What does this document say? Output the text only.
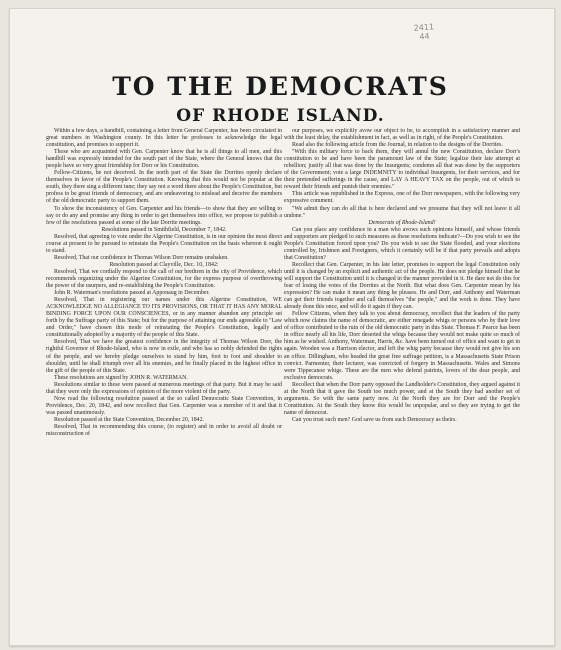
2411
44
TO THE DEMOCRATS
OF RHODE ISLAND.

Within a few days, a handbill, containing a letter from General Carpenter, has been circulated in great numbers in Washington county. In this letter he professes to acknowledge the legal constitution, and promises to support it.

Those who are acquainted with Gen. Carpenter know that he is all things to all men, and this handbill was expressly intended for the south part of the State, where the General knows that the people have so very great friendship for Dorr or his Constitution.

Fellow-Citizens, be not deceived. In the north part of the State the Dorrites openly declare themselves in favor of the People's Constitution. Knowing that this would not be popular at the south, they there sing a different tune; they say not a word there about the People's Constitution, but profess to be great friends of democracy, and are endeavoring to mislead and deceive the members of the old democratic party to support them.

To show the inconsistency of Gen. Carpenter and his friends—to show that they are willing to say or do any and promise any thing in order to get themselves into office, we propose to publish a few of the resolutions passed at some of the late Dorrite meetings.

Resolutions passed in Smithfield, December 7, 1842.

Resolved, that agreeing to vote under the Algerine Constitution, is in our opinion the most direct course at present to be pursued to reinstate the People's Constitution on the basis whereon it ought to stand.

Resolved, That our confidence in Thomas Wilson Dorr remains unshaken.

Resolution passed at Clayville, Dec. 10, 1842:

Resolved, That we cordially respond to the call of our brethren in the city of Providence, which recommends organizing under the Algerine Constitution, for the express purpose of overthrowing the power of the usurpers, and re-establishing the People's Constitution.

John R. Waterman's resolutions passed at Apponaug in December.

Resolved, That in registering our names under this Algerine Constitution, WE ACKNOWLEDGE NO ALLEGIANCE TO ITS PROVISIONS, OR THAT IT HAS ANY MORAL BINDING FORCE UPON OUR CONSCIENCES, or in any manner abandon any principle set forth by the Suffrage party of this State; but for the purpose of attaining our ends agreeable to "Law and Order," have chosen this mode of reinstating the People's Constitution, legally and constitutionally adopted by a majority of the people of this State.

Resolved, That we have the greatest confidence in the integrity of Thomas Wilson Dorr, the rightful Governor of Rhode-Island, who is now in exile, and who has so nobly defended the rights of the people, and we hereby pledge ourselves to stand by him, foot to foot and shoulder to shoulder, until he shall triumph over all his enemies, and be finally placed in the highest office in the gift of the people of this State.

These resolutions are signed by JOHN R. WATERMAN.

Resolutions similar to these were passed at numerous meetings of that party. But it may be said that they were only the expressions of opinion of the more violent of the party.

Now read the following resolution passed at the so called Democratic State Convention, in Providence, Dec. 20, 1842, and now recollect that Gen. Carpenter was a member of it and that it was passed unanimously.

Resolution passed at the State Convention, December 20, 1842.

Resolved, That in recommending this course, (to register) and in order to avoid all doubt or misconstruction of

our purposes, we explicitly avow our object to be, to accomplish in a satisfactory manner and with the least delay, the establishment in fact, as well as in right, of the People's Constitution.

Read also the following article from the Journal, in relation to the designs of the Dorrites.

"With this military force to back them, they will annul the new Constitution, declare Dorr's constitution to be and have been the paramount law of the State; legalize their late attempt at rebellion; justify all that was done by the Insurgents; condemn all that was done by the supporters of the Government; vote a large INDEMNITY to individual Insurgents, for their services, and for their pretended sufferings in the cause, and LAY A HEAVY TAX on the people, out of which to reward their friends and punish their enemies."

This article was republished in the Express, one of the Dorr newspapers, with the following very expressive comment.

"We admit they can do all that is here declared and we presume that they will not leave it all undone."

Democrats of Rhode-Island!

Can you place any confidence in a man who avows such opinions himself, and whose friends and supporters are pledged to such measures as these resolutions indicate?—Do you wish to see the People's Constitution forced upon you? Do you wish to see the State flooded, and your elections controlled by, Irishmen and Foreigners, which it certainly will be if that party prevails and adopts that Constitution?

Recollect that Gen. Carpenter, in his late letter, promises to support the legal Constitution only until it is changed by an explicit and authentic act of the people. He does not pledge himself that he will support the Constitution until it is changed in the manner provided in it. He dare not do this for fear of losing the votes of the Dorrites at the North. But what does Gen. Carpenter mean by his expression? He can make it mean any thing he pleases. He and Dorr, and Anthony and Waterman can get their friends together and call themselves "the people," and the work is done. They have already done this once, and will do it again if they can.

Fellow Citizens, when they talk to you about democracy, recollect that the leaders of the party which now claims the name of democratic, are either renegade whigs or persons who by their love of office contributed to the ruin of the old democratic party in this State. Thomas F. Pearce has been in office nearly all his life, Dorr deserted the whigs because they would not make quite so much of him as he wished. Anthony, Waterman, Harris, &c. have been turned out of office and want to get in again. Wooden was a Harrison elector, and left the whig party because they would not give his son an office. Dillingham, who headed the great free suffrage petition, is a Massachusetts State Prison convict. Parmenter, their lecturer, was convicted of forgery in Massachusetts. Wales and Simons were Tippecanoe whigs. These are the men who defend patriots, lovers of the dear people, and exclusive democrats.

Recollect that when the Dorr party opposed the Landholder's Constitution, they argued against it at the North that it gave the South too much power, and at the South they had another set of arguments. So with the same party now. At the North they are for Dorr and the People's Constitution. At the South they know this would be unpopular, and so they are trying to get the name of democrat.

Can you trust such men? God save us from such Democracy as theirs.
